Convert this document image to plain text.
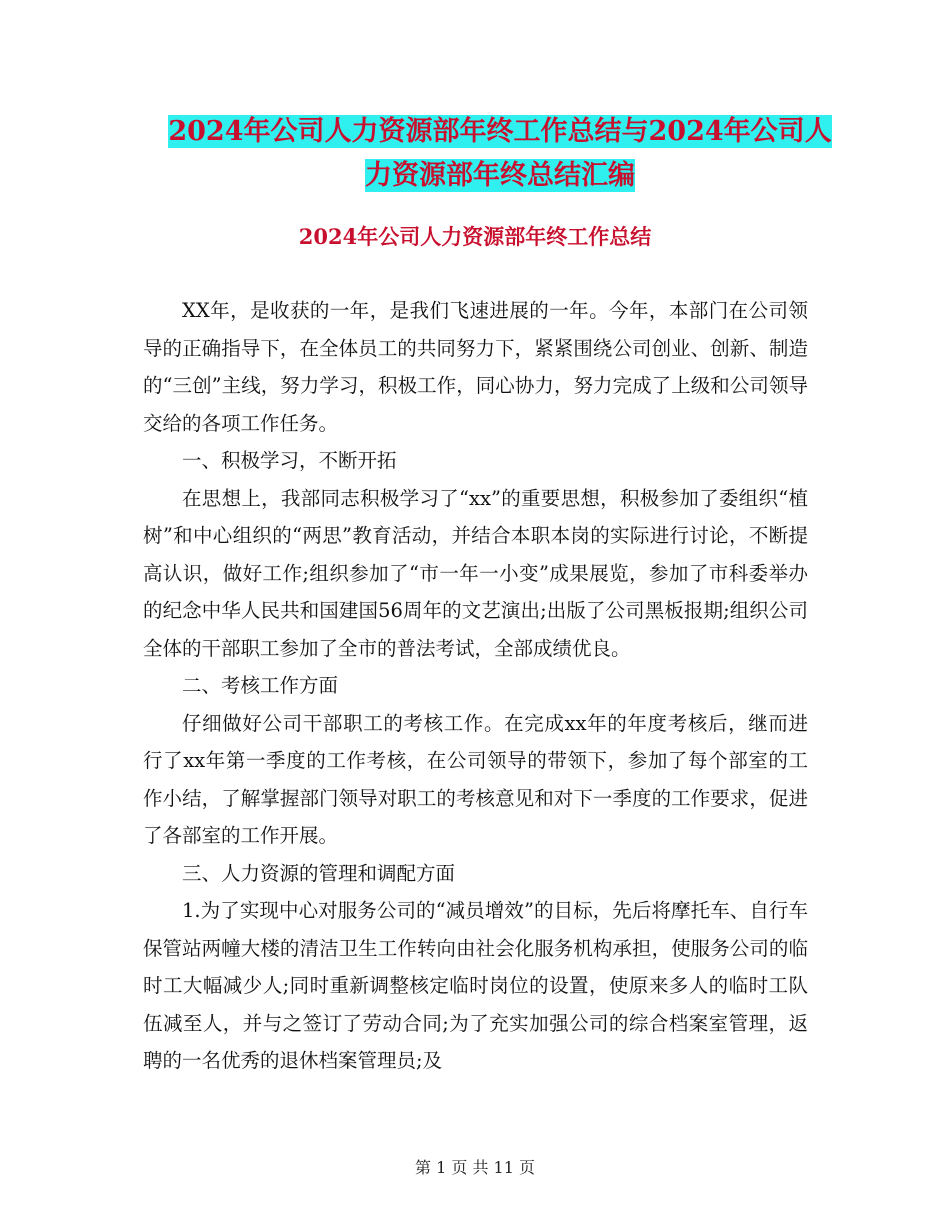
2024年公司人力资源部年终工作总结与2024年公司人
力资源部年终总结汇编
2024年公司人力资源部年终工作总结

XX年，是收获的一年，是我们飞速进展的一年。今年，本部门在公司领导的正确指导下，在全体员工的共同努力下，紧紧围绕公司创业、创新、制造的“三创”主线，努力学习，积极工作，同心协力，努力完成了上级和公司领导交给的各项工作任务。

一、积极学习，不断开拓

在思想上，我部同志积极学习了“xx”的重要思想，积极参加了委组织“植树”和中心组织的“两思”教育活动，并结合本职本岗的实际进行讨论，不断提高认识，做好工作;组织参加了“市一年一小变”成果展览，参加了市科委举办的纪念中华人民共和国建国56周年的文艺演出;出版了公司黑板报期;组织公司全体的干部职工参加了全市的普法考试，全部成绩优良。

二、考核工作方面

仔细做好公司干部职工的考核工作。在完成xx年的年度考核后，继而进行了xx年第一季度的工作考核，在公司领导的带领下，参加了每个部室的工作小结，了解掌握部门领导对职工的考核意见和对下一季度的工作要求，促进了各部室的工作开展。

三、人力资源的管理和调配方面

1.为了实现中心对服务公司的“减员增效”的目标，先后将摩托车、自行车保管站两幢大楼的清洁卫生工作转向由社会化服务机构承担，使服务公司的临时工大幅减少人;同时重新调整核定临时岗位的设置，使原来多人的临时工队伍减至人，并与之签订了劳动合同;为了充实加强公司的综合档案室管理，返聘的一名优秀的退休档案管理员;及

第 1 页 共 11 页
